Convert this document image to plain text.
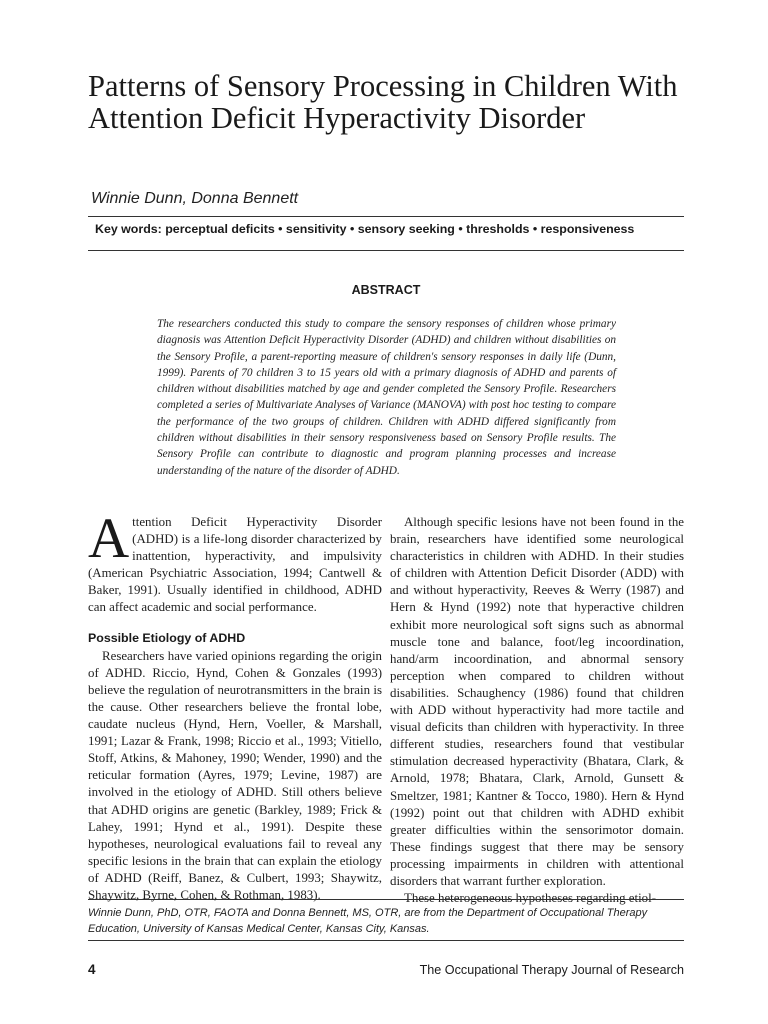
Patterns of Sensory Processing in Children With Attention Deficit Hyperactivity Disorder
Winnie Dunn, Donna Bennett
Key words: perceptual deficits • sensitivity • sensory seeking • thresholds • responsiveness
ABSTRACT

The researchers conducted this study to compare the sensory responses of children whose primary diagnosis was Attention Deficit Hyperactivity Disorder (ADHD) and children without disabilities on the Sensory Profile, a parent-reporting measure of children's sensory responses in daily life (Dunn, 1999). Parents of 70 children 3 to 15 years old with a primary diagnosis of ADHD and parents of children without disabilities matched by age and gender completed the Sensory Profile. Researchers completed a series of Multivariate Analyses of Variance (MANOVA) with post hoc testing to compare the performance of the two groups of children. Children with ADHD differed significantly from children without disabilities in their sensory responsiveness based on Sensory Profile results. The Sensory Profile can contribute to diagnostic and program planning processes and increase understanding of the nature of the disorder of ADHD.

Attention Deficit Hyperactivity Disorder (ADHD) is a life-long disorder characterized by inattention, hyperactivity, and impulsivity (American Psychiatric Association, 1994; Cantwell & Baker, 1991). Usually identified in childhood, ADHD can affect academic and social performance.

Possible Etiology of ADHD

Researchers have varied opinions regarding the origin of ADHD. Riccio, Hynd, Cohen & Gonzales (1993) believe the regulation of neurotransmitters in the brain is the cause. Other researchers believe the frontal lobe, caudate nucleus (Hynd, Hern, Voeller, & Marshall, 1991; Lazar & Frank, 1998; Riccio et al., 1993; Vitiello, Stoff, Atkins, & Mahoney, 1990; Wender, 1990) and the reticular formation (Ayres, 1979; Levine, 1987) are involved in the etiology of ADHD. Still others believe that ADHD origins are genetic (Barkley, 1989; Frick & Lahey, 1991; Hynd et al., 1991). Despite these hypotheses, neurological evaluations fail to reveal any specific lesions in the brain that can explain the etiology of ADHD (Reiff, Banez, & Culbert, 1993; Shaywitz, Shaywitz, Byrne, Cohen, & Rothman, 1983).

Although specific lesions have not been found in the brain, researchers have identified some neurological characteristics in children with ADHD. In their studies of children with Attention Deficit Disorder (ADD) with and without hyperactivity, Reeves & Werry (1987) and Hern & Hynd (1992) note that hyperactive children exhibit more neurological soft signs such as abnormal muscle tone and balance, foot/leg incoordination, hand/arm incoordination, and abnormal sensory perception when compared to children without disabilities. Schaughency (1986) found that children with ADD without hyperactivity had more tactile and visual deficits than children with hyperactivity. In three different studies, researchers found that vestibular stimulation decreased hyperactivity (Bhatara, Clark, & Arnold, 1978; Bhatara, Clark, Arnold, Gunsett & Smeltzer, 1981; Kantner & Tocco, 1980). Hern & Hynd (1992) point out that children with ADHD exhibit greater difficulties within the sensorimotor domain. These findings suggest that there may be sensory processing impairments in children with attentional disorders that warrant further exploration.

These heterogeneous hypotheses regarding etiol-

Winnie Dunn, PhD, OTR, FAOTA and Donna Bennett, MS, OTR, are from the Department of Occupational Therapy Education, University of Kansas Medical Center, Kansas City, Kansas.

4	The Occupational Therapy Journal of Research
